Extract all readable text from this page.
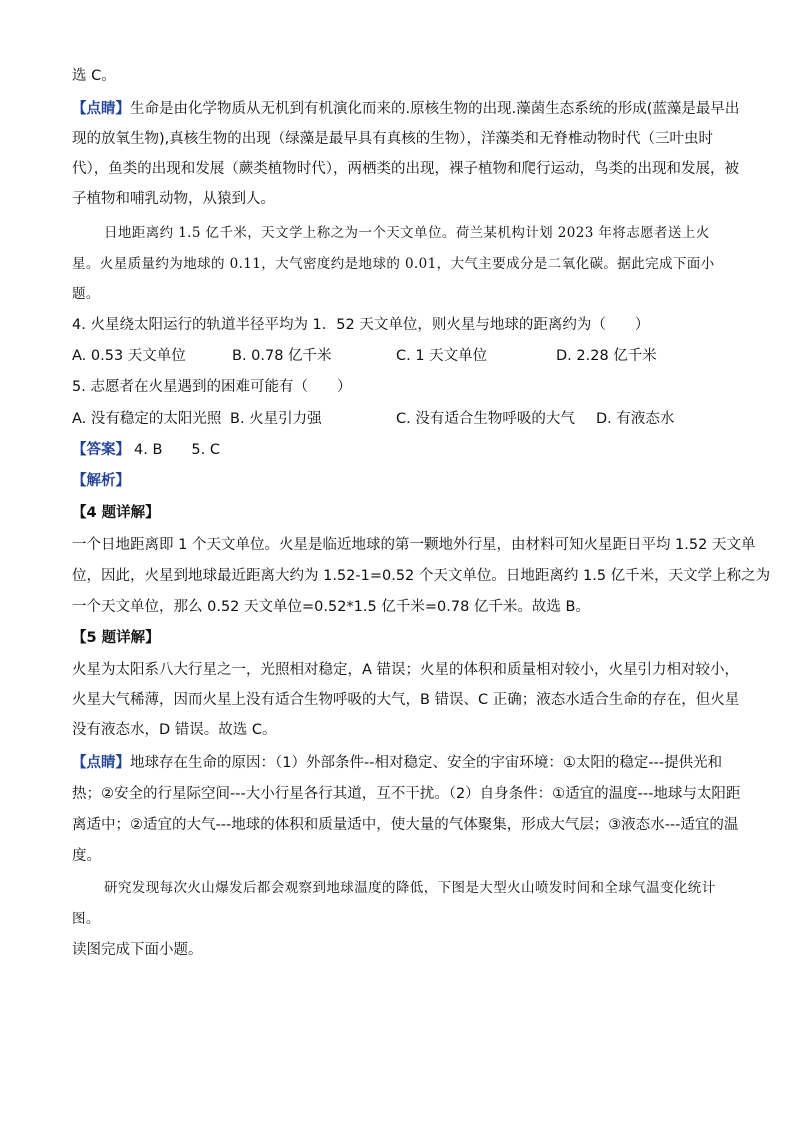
选 C。
【点睛】生命是由化学物质从无机到有机演化而来的.原核生物的出现.藻菌生态系统的形成(蓝藻是最早出
现的放氧生物),真核生物的出现（绿藻是最早具有真核的生物），洋藻类和无脊椎动物时代（三叶虫时
代），鱼类的出现和发展（蕨类植物时代），两栖类的出现，裸子植物和爬行运动，鸟类的出现和发展，被
子植物和哺乳动物，从猿到人。
日地距离约 1.5 亿千米，天文学上称之为一个天文单位。荷兰某机构计划 2023 年将志愿者送上火
星。火星质量约为地球的 0.11，大气密度约是地球的 0.01，大气主要成分是二氧化碳。据此完成下面小
题。
4. 火星绕太阳运行的轨道半径平均为 1．52 天文单位，则火星与地球的距离约为（　　）
A. 0.53 天文单位	B. 0.78 亿千米	C. 1 天文单位	D. 2.28 亿千米
5. 志愿者在火星遇到的困难可能有（　　）
A. 没有稳定的太阳光照 B. 火星引力强	C. 没有适合生物呼吸的大气 D. 有液态水
【答案】 4. B　　5. C
【解析】
【4 题详解】
一个日地距离即 1 个天文单位。火星是临近地球的第一颗地外行星，由材料可知火星距日平均 1.52 天文单
位，因此，火星到地球最近距离大约为 1.52-1=0.52 个天文单位。日地距离约 1.5 亿千米，天文学上称之为
一个天文单位，那么 0.52 天文单位=0.52*1.5 亿千米=0.78 亿千米。故选 B。
【5 题详解】
火星为太阳系八大行星之一，光照相对稳定，A 错误；火星的体积和质量相对较小，火星引力相对较小，
火星大气稀薄，因而火星上没有适合生物呼吸的大气，B 错误、C 正确；液态水适合生命的存在，但火星
没有液态水，D 错误。故选 C。
【点睛】地球存在生命的原因：（1）外部条件--相对稳定、安全的宇宙环境：①太阳的稳定---提供光和
热；②安全的行星际空间---大小行星各行其道，互不干扰。（2）自身条件：①适宜的温度---地球与太阳距
离适中；②适宜的大气---地球的体积和质量适中，使大量的气体聚集，形成大气层；③液态水---适宜的温
度。
研究发现每次火山爆发后都会观察到地球温度的降低，下图是大型火山喷发时间和全球气温变化统计
图。
读图完成下面小题。
